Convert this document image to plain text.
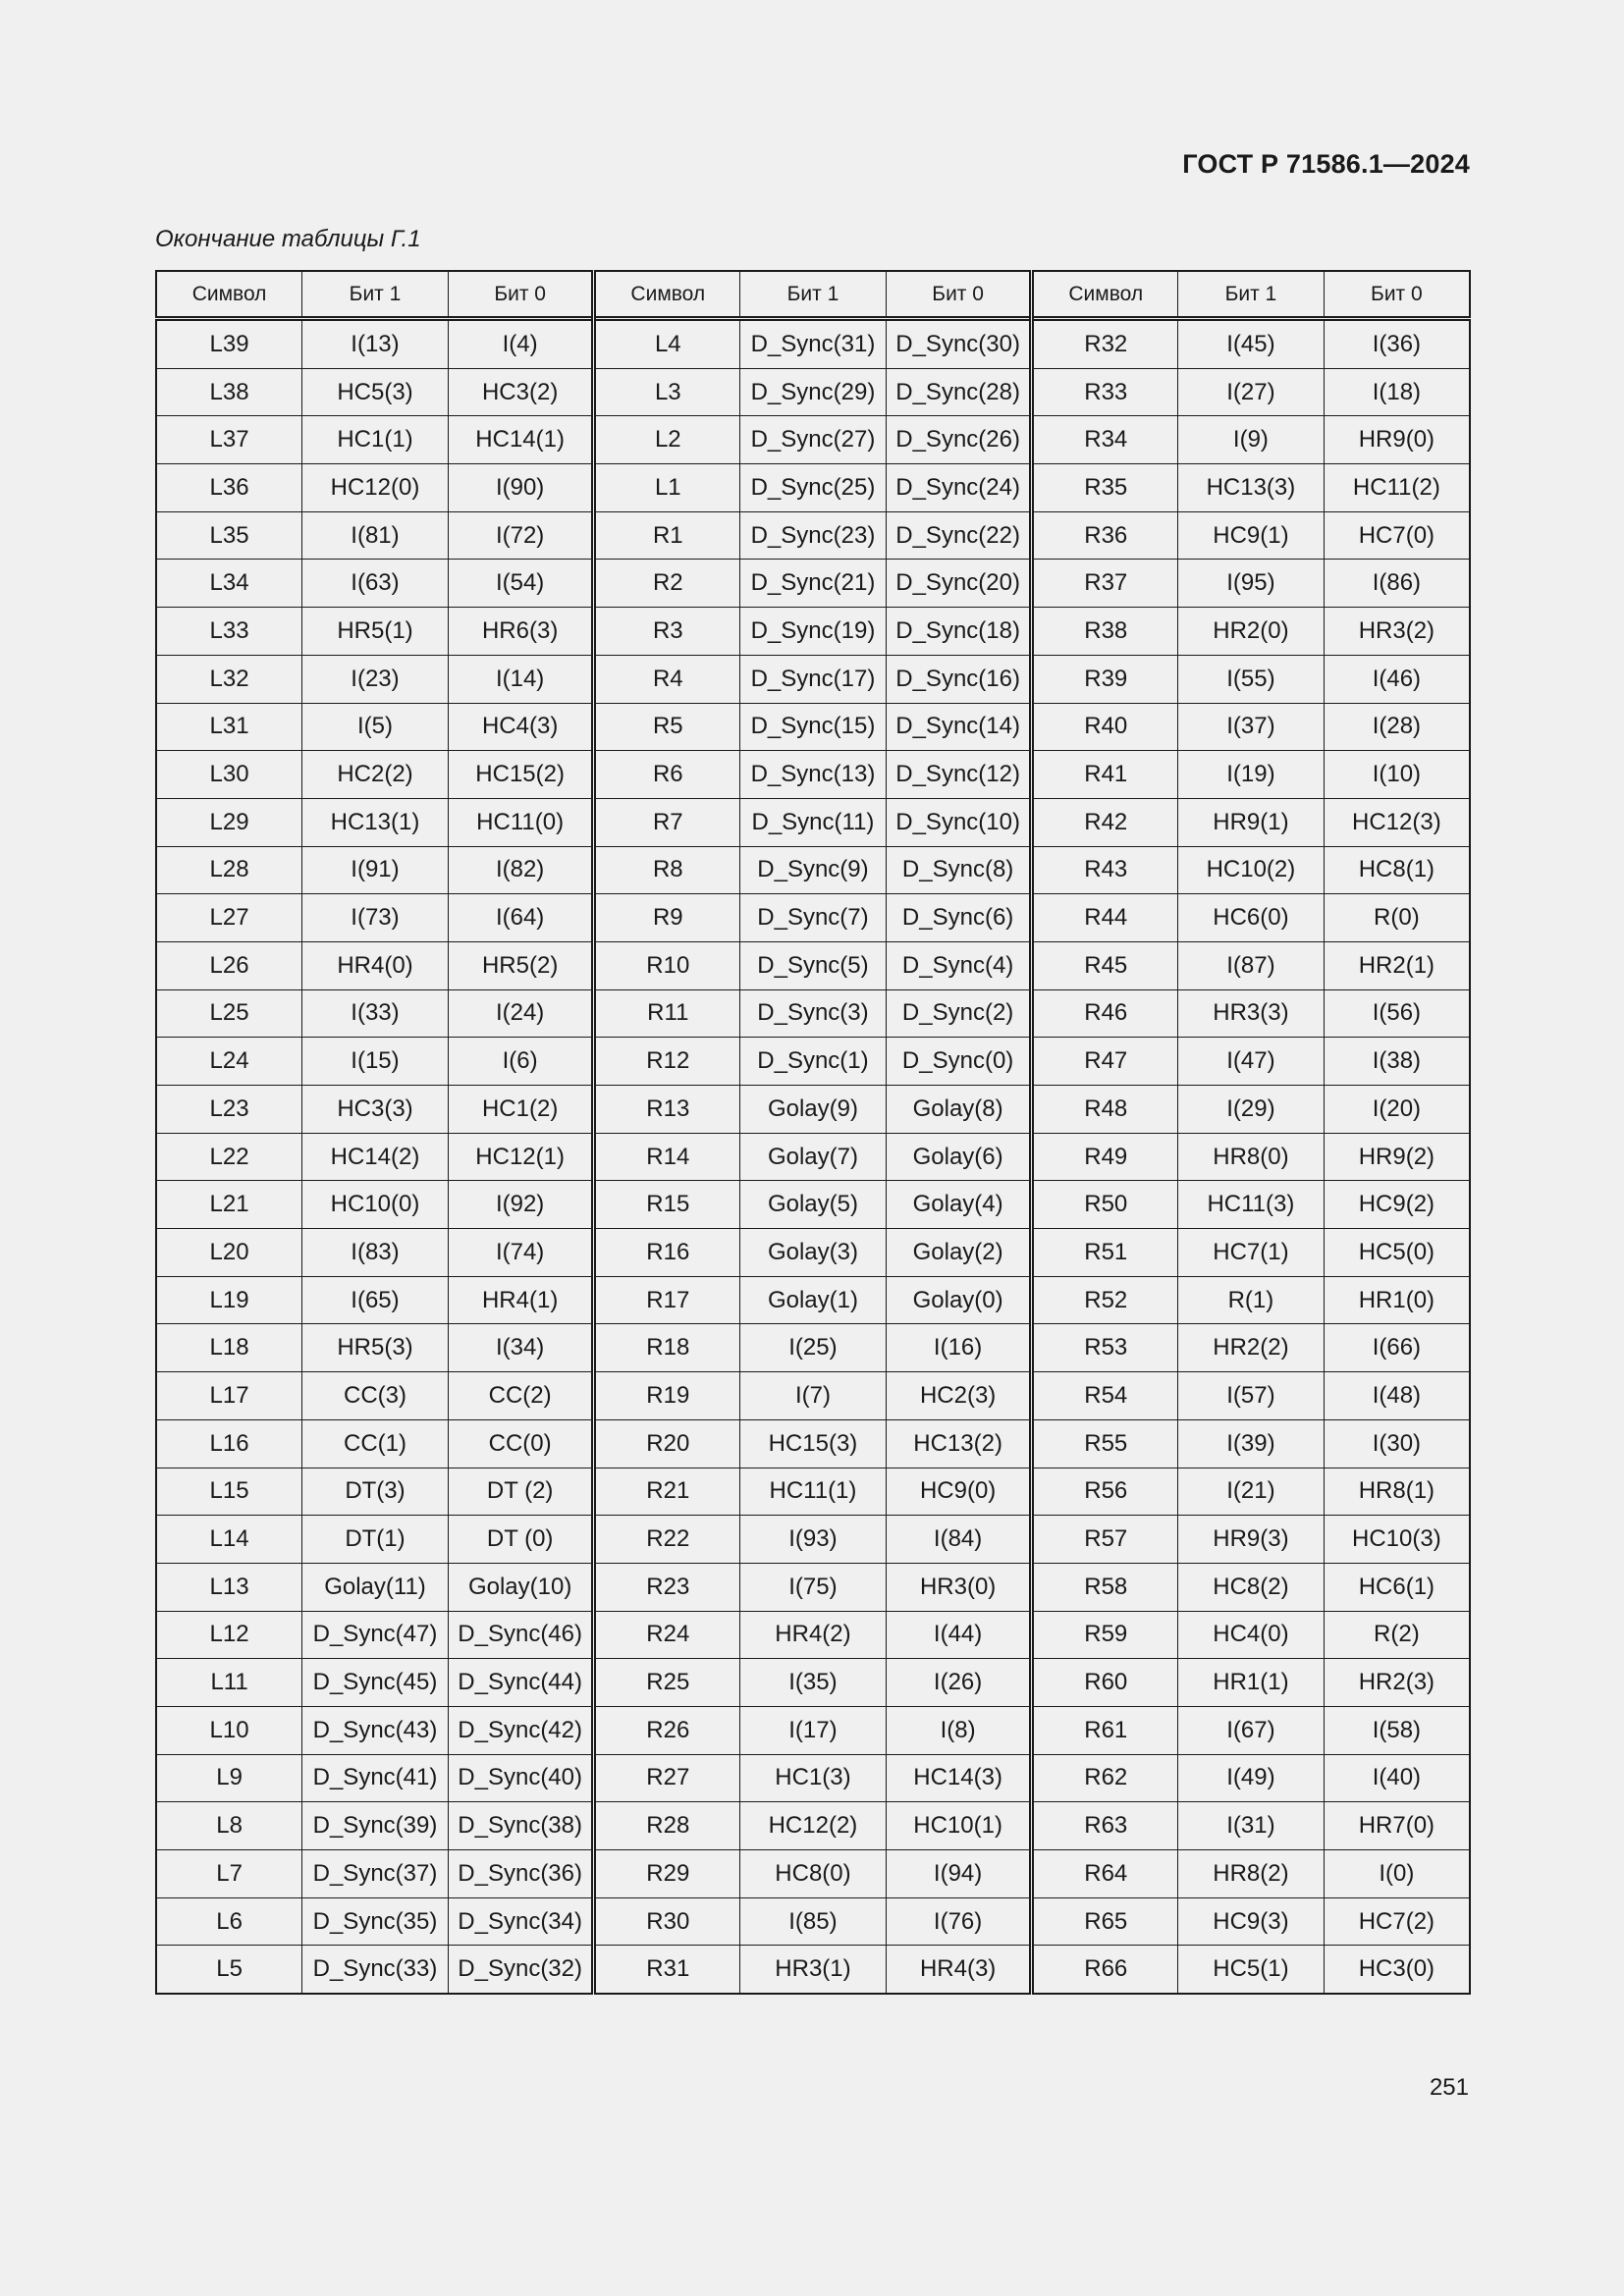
ГОСТ Р 71586.1—2024
Окончание таблицы Г.1
Символ	Бит 1	Бит 0	Символ	Бит 1	Бит 0	Символ	Бит 1	Бит 0
L39	I(13)	I(4)	L4	D_Sync(31)	D_Sync(30)	R32	I(45)	I(36)
L38	HC5(3)	HC3(2)	L3	D_Sync(29)	D_Sync(28)	R33	I(27)	I(18)
L37	HC1(1)	HC14(1)	L2	D_Sync(27)	D_Sync(26)	R34	I(9)	HR9(0)
L36	HC12(0)	I(90)	L1	D_Sync(25)	D_Sync(24)	R35	HC13(3)	HC11(2)
L35	I(81)	I(72)	R1	D_Sync(23)	D_Sync(22)	R36	HC9(1)	HC7(0)
L34	I(63)	I(54)	R2	D_Sync(21)	D_Sync(20)	R37	I(95)	I(86)
L33	HR5(1)	HR6(3)	R3	D_Sync(19)	D_Sync(18)	R38	HR2(0)	HR3(2)
L32	I(23)	I(14)	R4	D_Sync(17)	D_Sync(16)	R39	I(55)	I(46)
L31	I(5)	HC4(3)	R5	D_Sync(15)	D_Sync(14)	R40	I(37)	I(28)
L30	HC2(2)	HC15(2)	R6	D_Sync(13)	D_Sync(12)	R41	I(19)	I(10)
L29	HC13(1)	HC11(0)	R7	D_Sync(11)	D_Sync(10)	R42	HR9(1)	HC12(3)
L28	I(91)	I(82)	R8	D_Sync(9)	D_Sync(8)	R43	HC10(2)	HC8(1)
L27	I(73)	I(64)	R9	D_Sync(7)	D_Sync(6)	R44	HC6(0)	R(0)
L26	HR4(0)	HR5(2)	R10	D_Sync(5)	D_Sync(4)	R45	I(87)	HR2(1)
L25	I(33)	I(24)	R11	D_Sync(3)	D_Sync(2)	R46	HR3(3)	I(56)
L24	I(15)	I(6)	R12	D_Sync(1)	D_Sync(0)	R47	I(47)	I(38)
L23	HC3(3)	HC1(2)	R13	Golay(9)	Golay(8)	R48	I(29)	I(20)
L22	HC14(2)	HC12(1)	R14	Golay(7)	Golay(6)	R49	HR8(0)	HR9(2)
L21	HC10(0)	I(92)	R15	Golay(5)	Golay(4)	R50	HC11(3)	HC9(2)
L20	I(83)	I(74)	R16	Golay(3)	Golay(2)	R51	HC7(1)	HC5(0)
L19	I(65)	HR4(1)	R17	Golay(1)	Golay(0)	R52	R(1)	HR1(0)
L18	HR5(3)	I(34)	R18	I(25)	I(16)	R53	HR2(2)	I(66)
L17	CC(3)	CC(2)	R19	I(7)	HC2(3)	R54	I(57)	I(48)
L16	CC(1)	CC(0)	R20	HC15(3)	HC13(2)	R55	I(39)	I(30)
L15	DT(3)	DT (2)	R21	HC11(1)	HC9(0)	R56	I(21)	HR8(1)
L14	DT(1)	DT (0)	R22	I(93)	I(84)	R57	HR9(3)	HC10(3)
L13	Golay(11)	Golay(10)	R23	I(75)	HR3(0)	R58	HC8(2)	HC6(1)
L12	D_Sync(47)	D_Sync(46)	R24	HR4(2)	I(44)	R59	HC4(0)	R(2)
L11	D_Sync(45)	D_Sync(44)	R25	I(35)	I(26)	R60	HR1(1)	HR2(3)
L10	D_Sync(43)	D_Sync(42)	R26	I(17)	I(8)	R61	I(67)	I(58)
L9	D_Sync(41)	D_Sync(40)	R27	HC1(3)	HC14(3)	R62	I(49)	I(40)
L8	D_Sync(39)	D_Sync(38)	R28	HC12(2)	HC10(1)	R63	I(31)	HR7(0)
L7	D_Sync(37)	D_Sync(36)	R29	HC8(0)	I(94)	R64	HR8(2)	I(0)
L6	D_Sync(35)	D_Sync(34)	R30	I(85)	I(76)	R65	HC9(3)	HC7(2)
L5	D_Sync(33)	D_Sync(32)	R31	HR3(1)	HR4(3)	R66	HC5(1)	HC3(0)
251
